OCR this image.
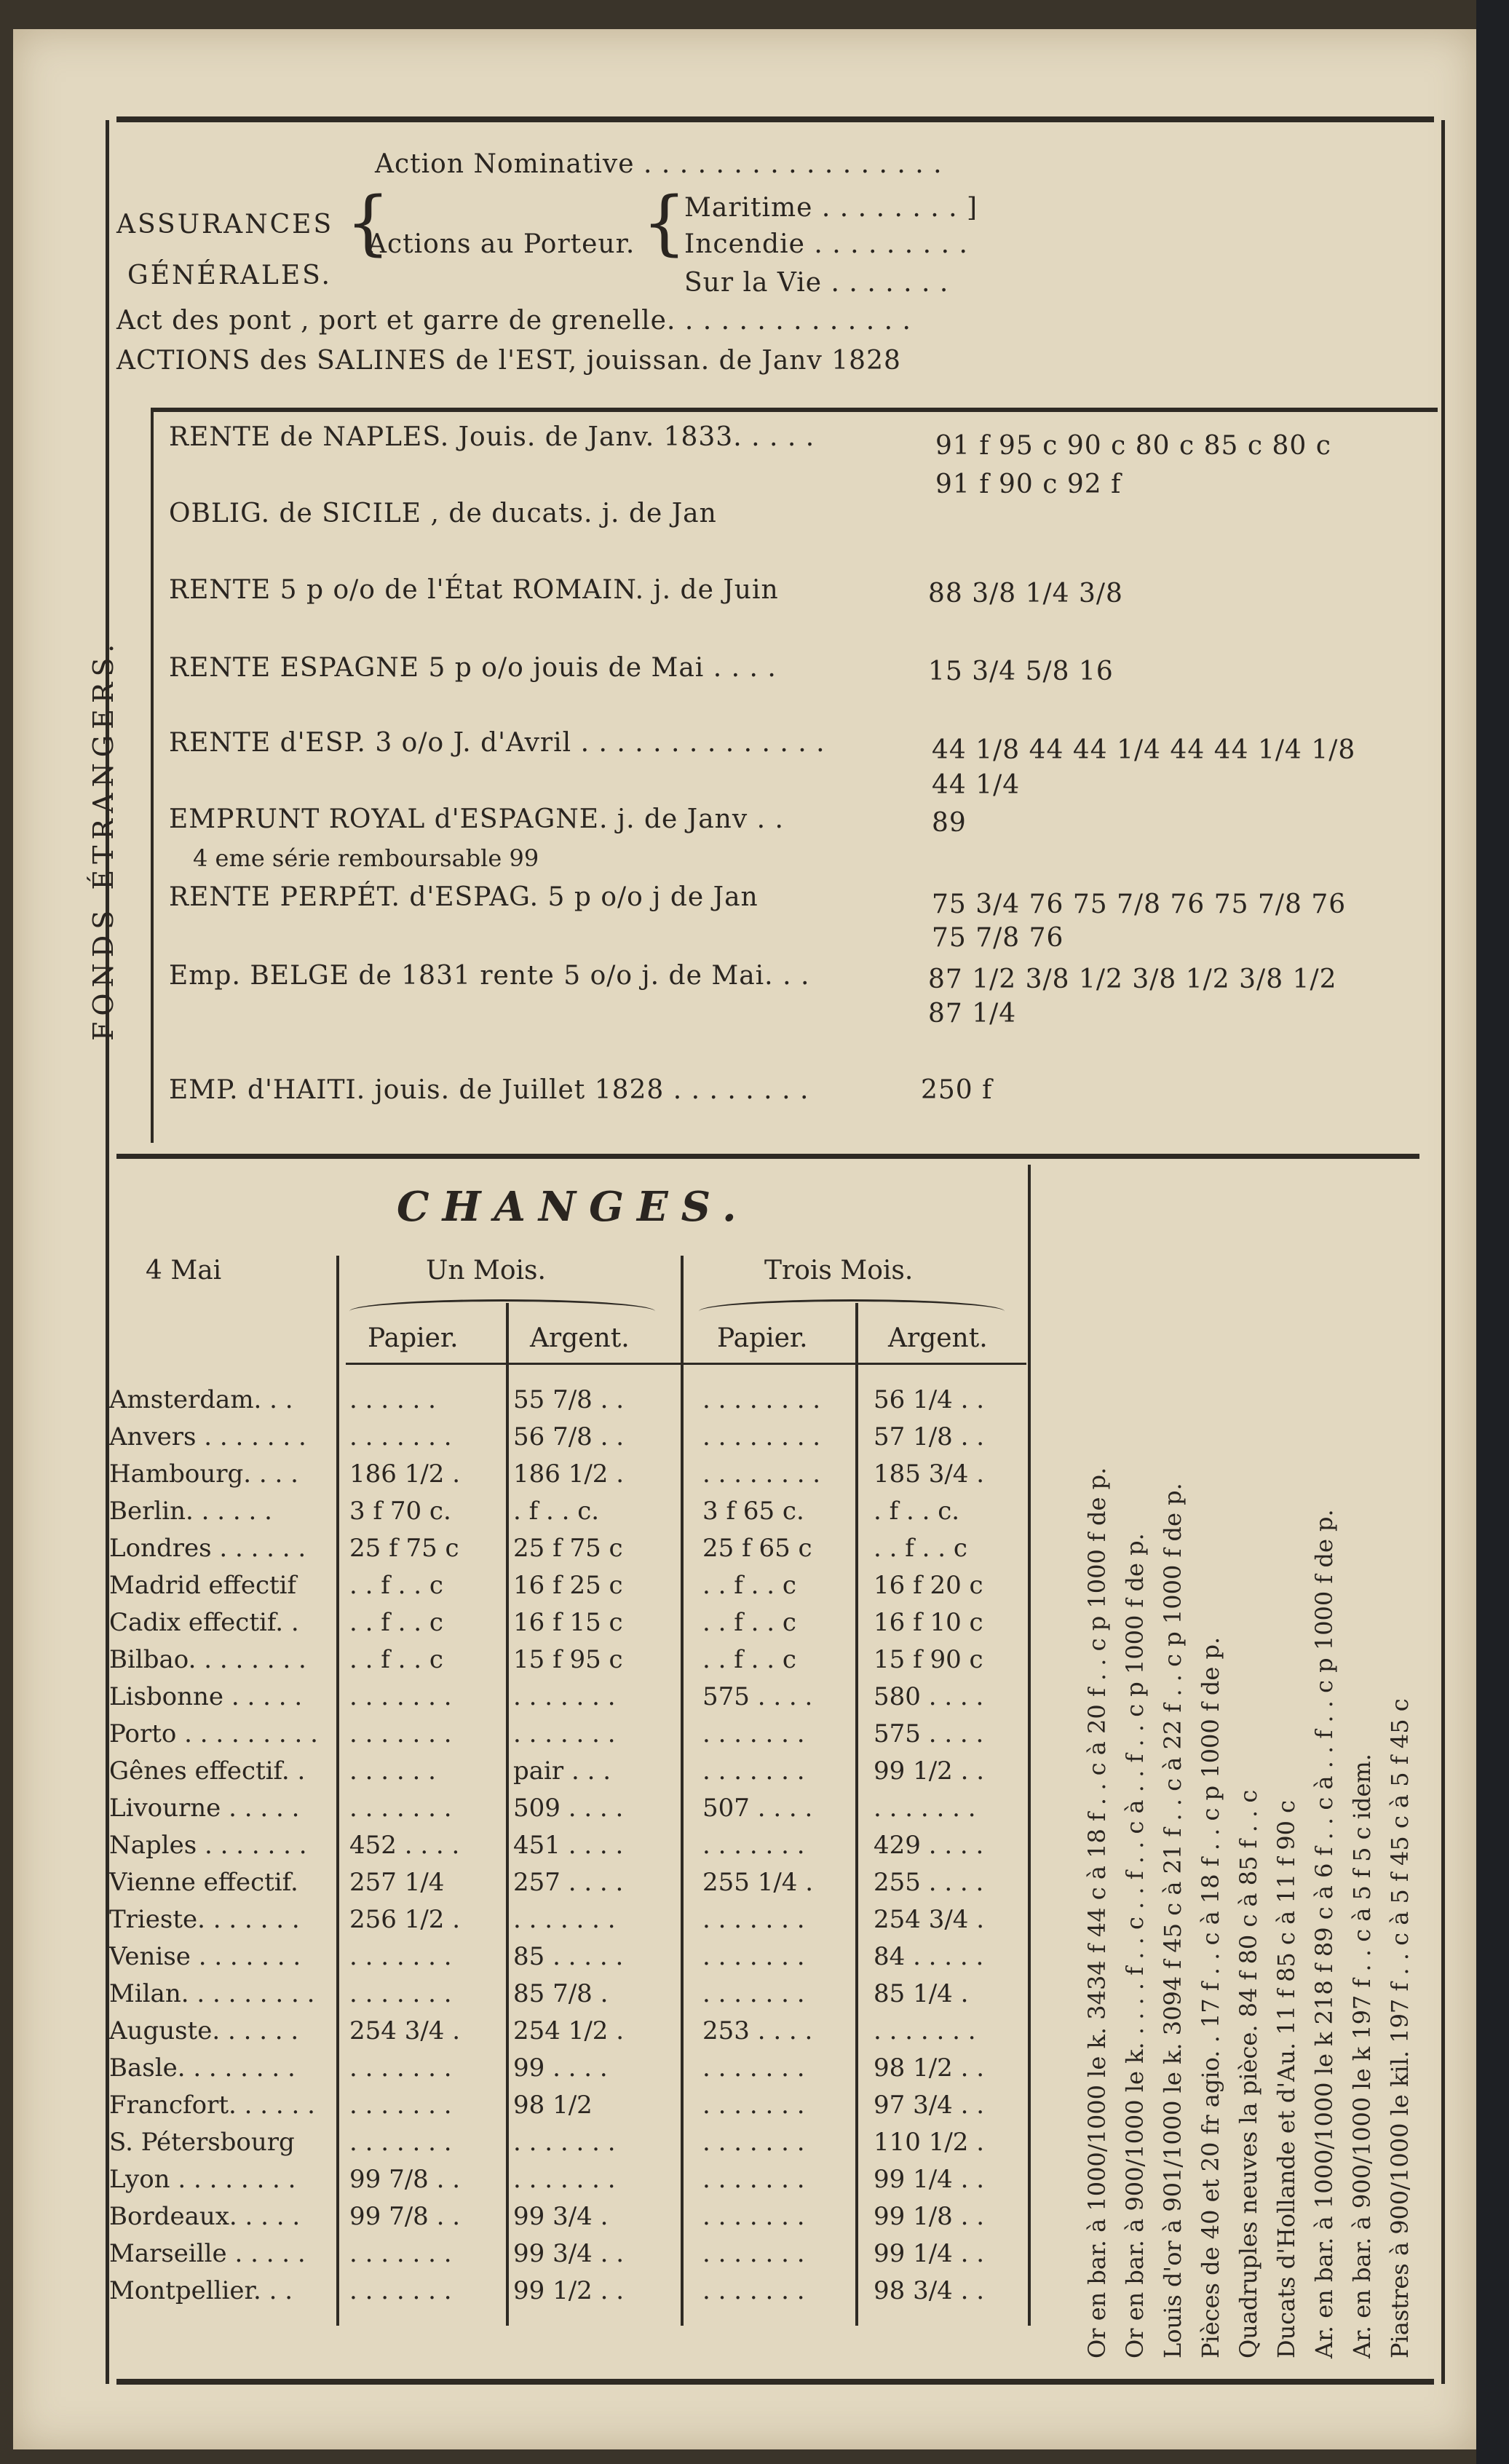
Action Nominative . . . . . . . . . . . . . . . . .
ASSURANCES
GÉNÉRALES.
{
Actions au Porteur. {
Maritime . . . . . . . . ]
Incendie . . . . . . . . .
Sur la Vie . . . . . . .
Act des pont , port et garre de grenelle. . . . . . . . . . . . . .
ACTIONS des SALINES de l'EST, jouissan. de Janv 1828
FONDS ÉTRANGERS.
RENTE de NAPLES. Jouis. de Janv. 1833. . . . .	91 f 95 c 90 c 80 c 85 c 80 c
91 f 90 c 92 f
OBLIG. de SICILE , de ducats. j. de Jan
RENTE 5 p o/o de l'État ROMAIN. j. de Juin	88 3/8 1/4 3/8
RENTE ESPAGNE 5 p o/o jouis de Mai . . . .	15 3/4 5/8 16
RENTE d'ESP. 3 o/o J. d'Avril . . . . . . . . . . . . . .	44 1/8 44 44 1/4 44 44 1/4 1/8
44 1/4
EMPRUNT ROYAL d'ESPAGNE. j. de Janv . .	89
4 eme série remboursable 99
RENTE PERPÉT. d'ESPAG. 5 p o/o j de Jan	75 3/4 76 75 7/8 76 75 7/8 76
75 7/8 76
Emp. BELGE de 1831 rente 5 o/o j. de Mai. . .	87 1/2 3/8 1/2 3/8 1/2 3/8 1/2
87 1/4
EMP. d'HAITI. jouis. de Juillet 1828 . . . . . . . .	250 f
CHANGES.
4 Mai	Un Mois.	Trois Mois.
Papier.	Argent.	Papier.	Argent.
Amsterdam. . .	. . . . . .	55 7/8 . .	. . . . . . . .	56 1/4 . .
Anvers . . . . . . .	. . . . . . .	56 7/8 . .	. . . . . . . .	57 1/8 . .
Hambourg. . . .	186 1/2 .	186 1/2 .	. . . . . . . .	185 3/4 .
Berlin. . . . . .	3 f 70 c.	. f . . c.	3 f 65 c.	. f . . c.
Londres . . . . . .	25 f 75 c	25 f 75 c	25 f 65 c	. . f . . c
Madrid effectif	. . f . . c	16 f 25 c	. . f . . c	16 f 20 c
Cadix effectif. .	. . f . . c	16 f 15 c	. . f . . c	16 f 10 c
Bilbao. . . . . . . .	. . f . . c	15 f 95 c	. . f . . c	15 f 90 c
Lisbonne . . . . .	. . . . . . .	. . . . . . .	575 . . . .	580 . . . .
Porto . . . . . . . . .	. . . . . . .	. . . . . . .	. . . . . . .	575 . . . .
Gênes effectif. .	. . . . . .	pair . . .	. . . . . . .	99 1/2 . .
Livourne . . . . .	. . . . . . .	509 . . . .	507 . . . .	. . . . . . .
Naples . . . . . . .	452 . . . .	451 . . . .	. . . . . . .	429 . . . .
Vienne effectif.	257 1/4	257 . . . .	255 1/4 .	255 . . . .
Trieste. . . . . . .	256 1/2 .	. . . . . . .	. . . . . . .	254 3/4 .
Venise . . . . . . .	. . . . . . .	85 . . . . .	. . . . . . .	84 . . . . .
Milan. . . . . . . . .	. . . . . . .	85 7/8 .	. . . . . . .	85 1/4 .
Auguste. . . . . .	254 3/4 .	254 1/2 .	253 . . . .	. . . . . . .
Basle. . . . . . . .	. . . . . . .	99 . . . .	. . . . . . .	98 1/2 . .
Francfort. . . . . .	. . . . . . .	98 1/2	. . . . . . .	97 3/4 . .
S. Pétersbourg	. . . . . . .	. . . . . . .	. . . . . . .	110 1/2 .
Lyon . . . . . . . .	99 7/8 . .	. . . . . . .	. . . . . . .	99 1/4 . .
Bordeaux. . . . .	99 7/8 . .	99 3/4 .	. . . . . . .	99 1/8 . .
Marseille . . . . .	. . . . . . .	99 3/4 . .	. . . . . . .	99 1/4 . .
Montpellier. . .	. . . . . . .	99 1/2 . .	. . . . . . .	98 3/4 . .	Or en bar. à 1000/1000 le k. 3434 f 44 c à 18 f . . c à 20 f . . c p 1000 f de p. Or en bar. à 900/1000 le k. . . . . f . . c . . f . . c à . . f . . c p 1000 f de p. Louis d'or à 901/1000 le k. 3094 f 45 c à 21 f . . c à 22 f . . c p 1000 f de p. Pièces de 40 et 20 fr agio. . 17 f . . c à 18 f . . c p 1000 f de p. Quadruples neuves la pièce. 84 f 80 c à 85 f . . c Ducats d'Hollande et d'Au. 11 f 85 c à 11 f 90 c Ar. en bar. à 1000/1000 le k 218 f 89 c à 6 f . . c à . . f . . c p 1000 f de p. Ar. en bar. à 900/1000 le k 197 f . . c à 5 f 5 c idem. Piastres à 900/1000 le kil. 197 f . . c à 5 f 45 c à 5 f 45 c
